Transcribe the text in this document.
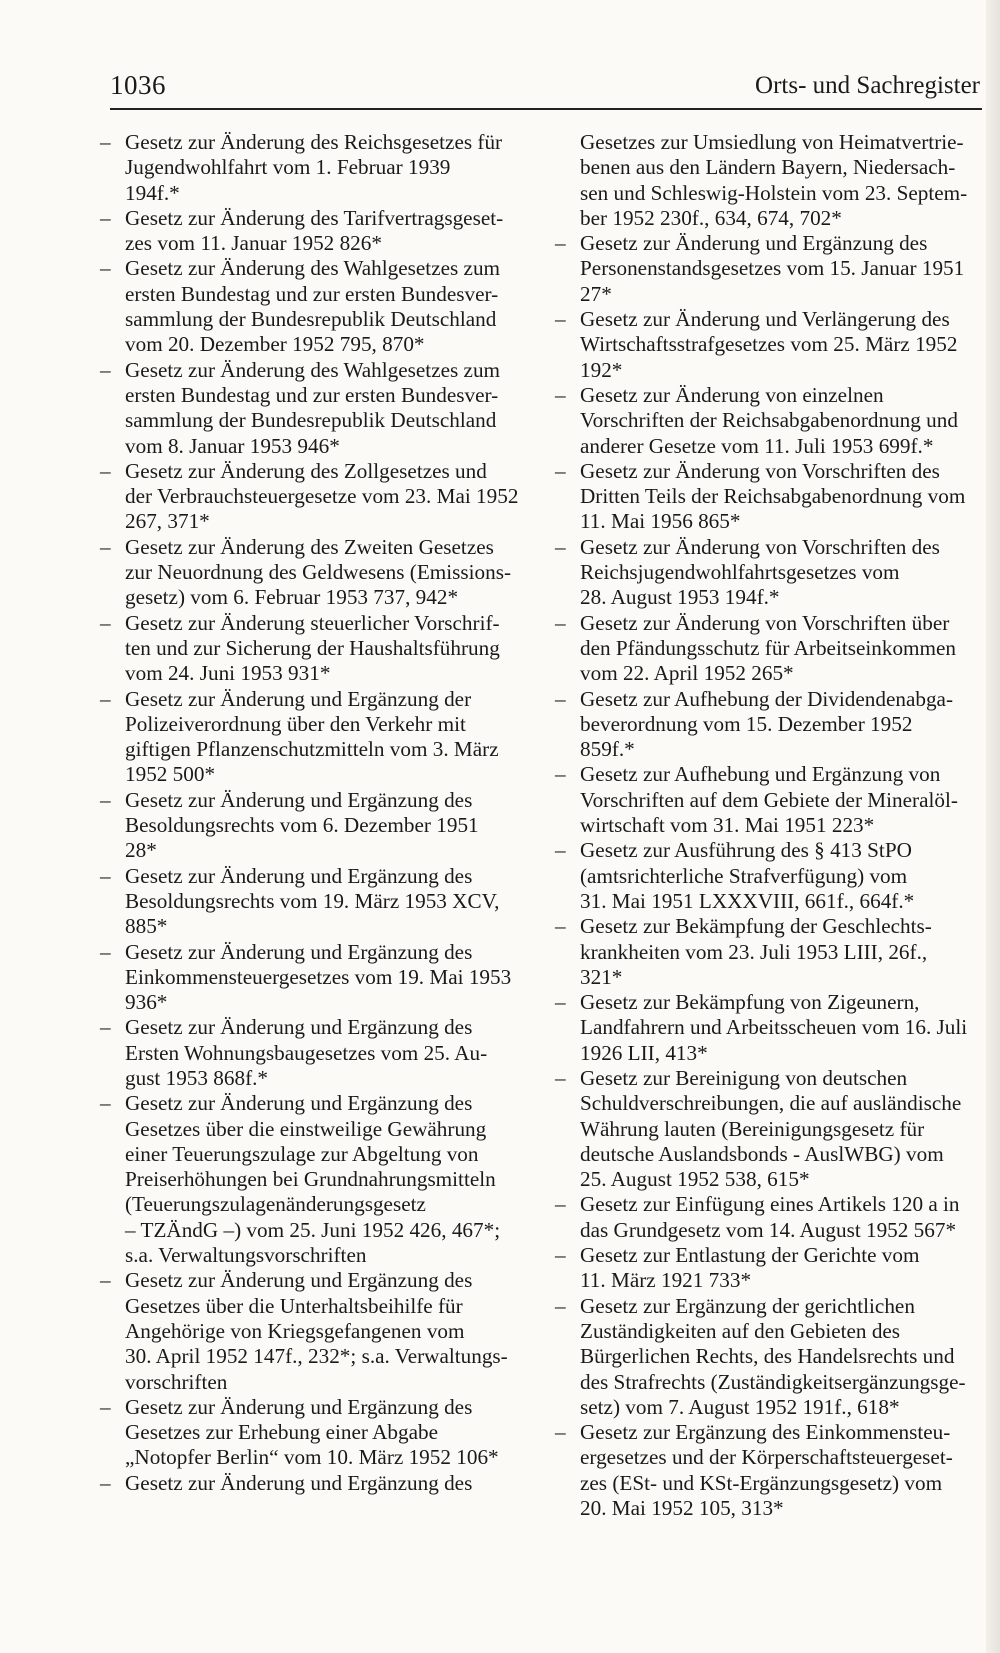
1036	Orts- und Sachregister
– Gesetz zur Änderung des Reichsgesetzes für
Jugendwohlfahrt vom 1. Februar 1939
194f.*
– Gesetz zur Änderung des Tarifvertragsgeset-
zes vom 11. Januar 1952 826*
– Gesetz zur Änderung des Wahlgesetzes zum
ersten Bundestag und zur ersten Bundesver-
sammlung der Bundesrepublik Deutschland
vom 20. Dezember 1952 795, 870*
– Gesetz zur Änderung des Wahlgesetzes zum
ersten Bundestag und zur ersten Bundesver-
sammlung der Bundesrepublik Deutschland
vom 8. Januar 1953 946*
– Gesetz zur Änderung des Zollgesetzes und
der Verbrauchsteuergesetze vom 23. Mai 1952
267, 371*
– Gesetz zur Änderung des Zweiten Gesetzes
zur Neuordnung des Geldwesens (Emissions-
gesetz) vom 6. Februar 1953 737, 942*
– Gesetz zur Änderung steuerlicher Vorschrif-
ten und zur Sicherung der Haushaltsführung
vom 24. Juni 1953 931*
– Gesetz zur Änderung und Ergänzung der
Polizeiverordnung über den Verkehr mit
giftigen Pflanzenschutzmitteln vom 3. März
1952 500*
– Gesetz zur Änderung und Ergänzung des
Besoldungsrechts vom 6. Dezember 1951
28*
– Gesetz zur Änderung und Ergänzung des
Besoldungsrechts vom 19. März 1953 XCV,
885*
– Gesetz zur Änderung und Ergänzung des
Einkommensteuergesetzes vom 19. Mai 1953
936*
– Gesetz zur Änderung und Ergänzung des
Ersten Wohnungsbaugesetzes vom 25. Au-
gust 1953 868f.*
– Gesetz zur Änderung und Ergänzung des
Gesetzes über die einstweilige Gewährung
einer Teuerungszulage zur Abgeltung von
Preiserhöhungen bei Grundnahrungsmitteln
(Teuerungszulagenänderungsgesetz
– TZÄndG –) vom 25. Juni 1952 426, 467*;
s.a. Verwaltungsvorschriften
– Gesetz zur Änderung und Ergänzung des
Gesetzes über die Unterhaltsbeihilfe für
Angehörige von Kriegsgefangenen vom
30. April 1952 147f., 232*; s.a. Verwaltungs-
vorschriften
– Gesetz zur Änderung und Ergänzung des
Gesetzes zur Erhebung einer Abgabe
„Notopfer Berlin“ vom 10. März 1952 106*
– Gesetz zur Änderung und Ergänzung des
Gesetzes zur Umsiedlung von Heimatvertrie-
benen aus den Ländern Bayern, Niedersach-
sen und Schleswig-Holstein vom 23. Septem-
ber 1952 230f., 634, 674, 702*
– Gesetz zur Änderung und Ergänzung des
Personenstandsgesetzes vom 15. Januar 1951
27*
– Gesetz zur Änderung und Verlängerung des
Wirtschaftsstrafgesetzes vom 25. März 1952
192*
– Gesetz zur Änderung von einzelnen
Vorschriften der Reichsabgabenordnung und
anderer Gesetze vom 11. Juli 1953 699f.*
– Gesetz zur Änderung von Vorschriften des
Dritten Teils der Reichsabgabenordnung vom
11. Mai 1956 865*
– Gesetz zur Änderung von Vorschriften des
Reichsjugendwohlfahrtsgesetzes vom
28. August 1953 194f.*
– Gesetz zur Änderung von Vorschriften über
den Pfändungsschutz für Arbeitseinkommen
vom 22. April 1952 265*
– Gesetz zur Aufhebung der Dividendenabga-
beverordnung vom 15. Dezember 1952
859f.*
– Gesetz zur Aufhebung und Ergänzung von
Vorschriften auf dem Gebiete der Mineralöl-
wirtschaft vom 31. Mai 1951 223*
– Gesetz zur Ausführung des § 413 StPO
(amtsrichterliche Strafverfügung) vom
31. Mai 1951 LXXXVIII, 661f., 664f.*
– Gesetz zur Bekämpfung der Geschlechts-
krankheiten vom 23. Juli 1953 LIII, 26f.,
321*
– Gesetz zur Bekämpfung von Zigeunern,
Landfahrern und Arbeitsscheuen vom 16. Juli
1926 LII, 413*
– Gesetz zur Bereinigung von deutschen
Schuldverschreibungen, die auf ausländische
Währung lauten (Bereinigungsgesetz für
deutsche Auslandsbonds - AuslWBG) vom
25. August 1952 538, 615*
– Gesetz zur Einfügung eines Artikels 120 a in
das Grundgesetz vom 14. August 1952 567*
– Gesetz zur Entlastung der Gerichte vom
11. März 1921 733*
– Gesetz zur Ergänzung der gerichtlichen
Zuständigkeiten auf den Gebieten des
Bürgerlichen Rechts, des Handelsrechts und
des Strafrechts (Zuständigkeitsergänzungsge-
setz) vom 7. August 1952 191f., 618*
– Gesetz zur Ergänzung des Einkommensteu-
ergesetzes und der Körperschaftsteuergeset-
zes (ESt- und KSt-Ergänzungsgesetz) vom
20. Mai 1952 105, 313*
